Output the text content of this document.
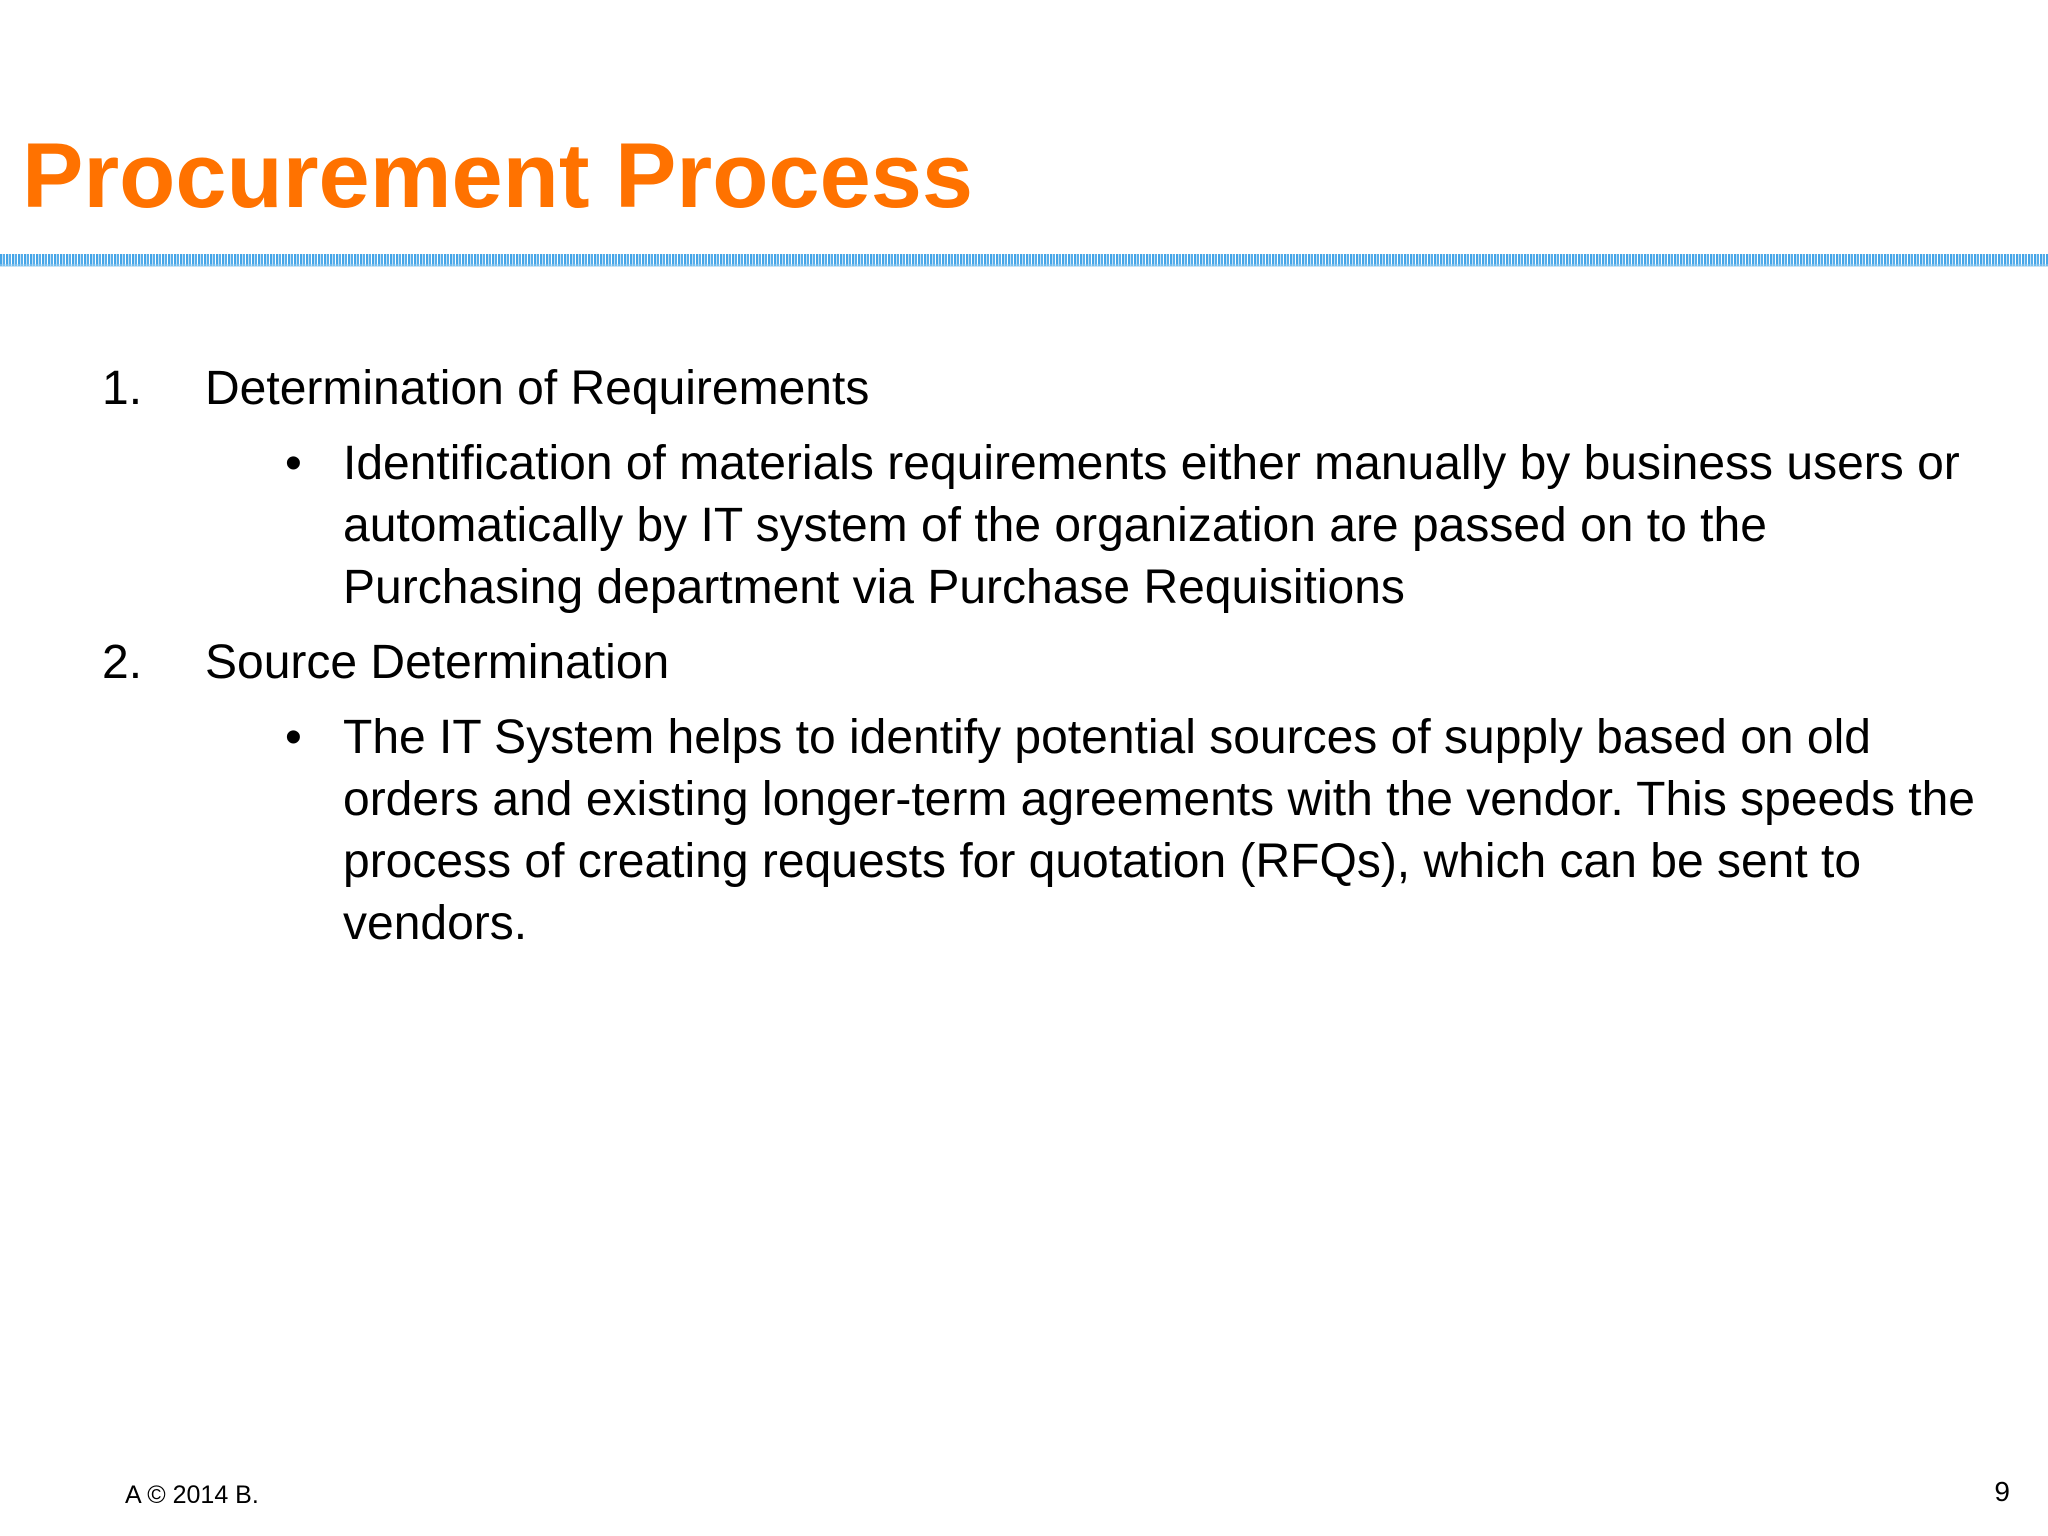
Procurement Process
1. Determination of Requirements
• Identification of materials requirements either manually by business users or automatically by IT system of the organization are passed on to the Purchasing department via Purchase Requisitions
2. Source Determination
• The IT System helps to identify potential sources of supply based on old orders and existing longer-term agreements with the vendor. This speeds the process of creating requests for quotation (RFQs), which can be sent to vendors.
A © 2014 B.	9
